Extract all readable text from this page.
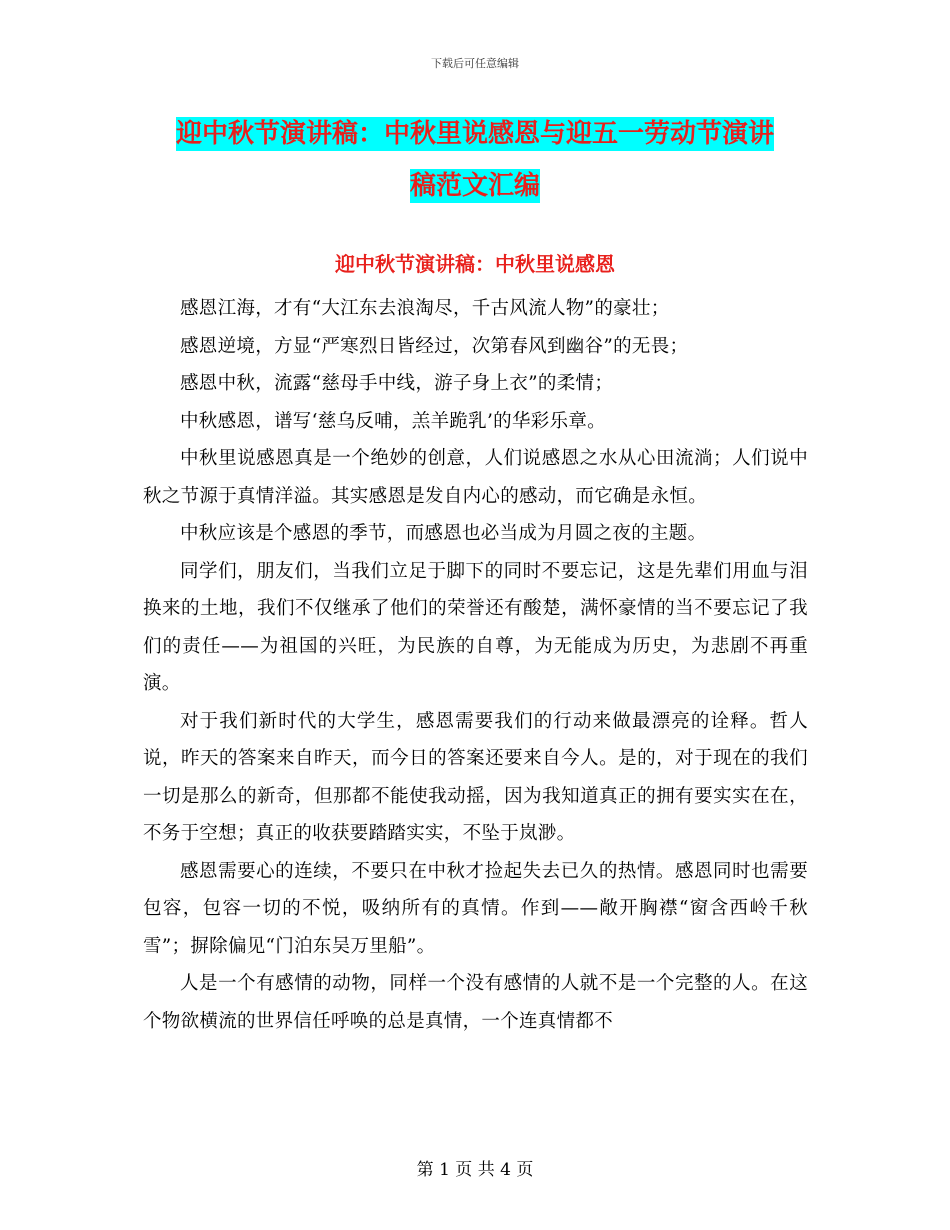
下载后可任意编辑
迎中秋节演讲稿：中秋里说感恩与迎五一劳动节演讲
稿范文汇编
迎中秋节演讲稿：中秋里说感恩

感恩江海，才有“大江东去浪淘尽，千古风流人物”的豪壮；

感恩逆境，方显“严寒烈日皆经过，次第春风到幽谷”的无畏；

感恩中秋，流露“慈母手中线，游子身上衣”的柔情；

中秋感恩，谱写‘慈乌反哺，羔羊跪乳’的华彩乐章。

中秋里说感恩真是一个绝妙的创意，人们说感恩之水从心田流淌；人们说中秋之节源于真情洋溢。其实感恩是发自内心的感动，而它确是永恒。

中秋应该是个感恩的季节，而感恩也必当成为月圆之夜的主题。

同学们，朋友们，当我们立足于脚下的同时不要忘记，这是先辈们用血与泪换来的土地，我们不仅继承了他们的荣誉还有酸楚，满怀豪情的当不要忘记了我们的责任——为祖国的兴旺，为民族的自尊，为无能成为历史，为悲剧不再重演。

对于我们新时代的大学生，感恩需要我们的行动来做最漂亮的诠释。哲人说，昨天的答案来自昨天，而今日的答案还要来自今人。是的，对于现在的我们一切是那么的新奇，但那都不能使我动摇，因为我知道真正的拥有要实实在在，不务于空想；真正的收获要踏踏实实，不坠于岚渺。

感恩需要心的连续，不要只在中秋才捡起失去已久的热情。感恩同时也需要包容，包容一切的不悦，吸纳所有的真情。作到——敞开胸襟“窗含西岭千秋雪”；摒除偏见“门泊东吴万里船”。

人是一个有感情的动物，同样一个没有感情的人就不是一个完整的人。在这个物欲横流的世界信任呼唤的总是真情，一个连真情都不

第 1 页 共 4 页
